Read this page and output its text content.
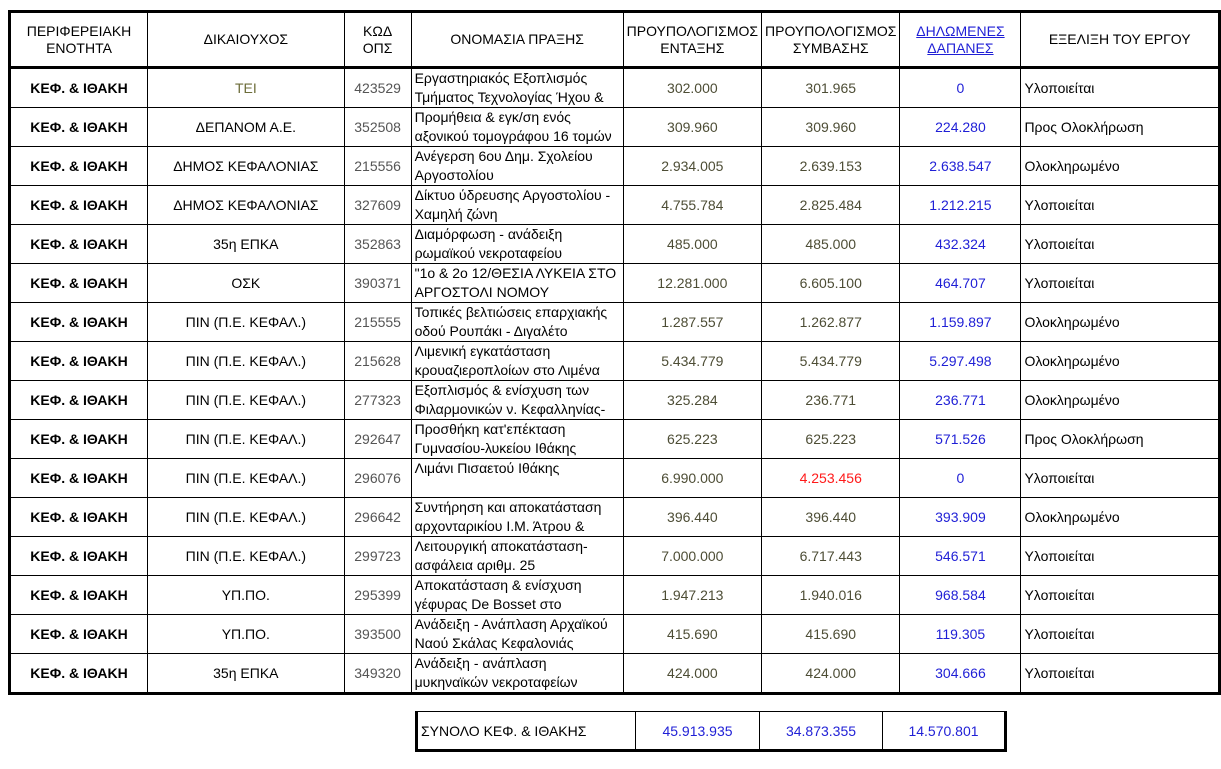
ΠΕΡΙΦΕΡΕΙΑΚΗ ΕΝΟΤΗΤΑ	ΔΙΚΑΙΟΥΧΟΣ	ΚΩΔ ΟΠΣ	ΟΝΟΜΑΣΙΑ ΠΡΑΞΗΣ	ΠΡΟΥΠΟΛΟΓΙΣΜΟΣ ΕΝΤΑΞΗΣ	ΠΡΟΥΠΟΛΟΓΙΣΜΟΣ ΣΥΜΒΑΣΗΣ	ΔΗΛΩΜΕΝΕΣ ΔΑΠΑΝΕΣ	ΕΞΕΛΙΞΗ ΤΟΥ ΕΡΓΟΥ
ΚΕΦ. & ΙΘΑΚΗ	ΤΕΙ	423529	Εργαστηριακός Εξοπλισμός Τμήματος Τεχνολογίας Ήχου &	302.000	301.965	0	Υλοποιείται
ΚΕΦ. & ΙΘΑΚΗ	ΔΕΠΑΝΟΜ Α.Ε.	352508	Προμήθεια & εγκ/ση ενός αξονικού τομογράφου 16 τομών	309.960	309.960	224.280	Προς Ολοκλήρωση
ΚΕΦ. & ΙΘΑΚΗ	ΔΗΜΟΣ ΚΕΦΑΛΟΝΙΑΣ	215556	Ανέγερση 6ου Δημ. Σχολείου Αργοστολίου	2.934.005	2.639.153	2.638.547	Ολοκληρωμένο
ΚΕΦ. & ΙΘΑΚΗ	ΔΗΜΟΣ ΚΕΦΑΛΟΝΙΑΣ	327609	Δίκτυο ύδρευσης Αργοστολίου - Χαμηλή ζώνη	4.755.784	2.825.484	1.212.215	Υλοποιείται
ΚΕΦ. & ΙΘΑΚΗ	35η ΕΠΚΑ	352863	Διαμόρφωση - ανάδειξη ρωμαϊκού νεκροταφείου	485.000	485.000	432.324	Υλοποιείται
ΚΕΦ. & ΙΘΑΚΗ	ΟΣΚ	390371	"1ο & 2ο 12/ΘΕΣΙΑ ΛΥΚΕΙΑ ΣΤΟ ΑΡΓΟΣΤΟΛΙ ΝΟΜΟΥ	12.281.000	6.605.100	464.707	Υλοποιείται
ΚΕΦ. & ΙΘΑΚΗ	ΠΙΝ (Π.Ε. ΚΕΦΑΛ.)	215555	Τοπικές βελτιώσεις επαρχιακής οδού Ρουπάκι - Διγαλέτο	1.287.557	1.262.877	1.159.897	Ολοκληρωμένο
ΚΕΦ. & ΙΘΑΚΗ	ΠΙΝ (Π.Ε. ΚΕΦΑΛ.)	215628	Λιμενική εγκατάσταση κρουαζιεροπλοίων στο Λιμένα	5.434.779	5.434.779	5.297.498	Ολοκληρωμένο
ΚΕΦ. & ΙΘΑΚΗ	ΠΙΝ (Π.Ε. ΚΕΦΑΛ.)	277323	Εξοπλισμός & ενίσχυση των Φιλαρμονικών ν. Κεφαλληνίας-	325.284	236.771	236.771	Ολοκληρωμένο
ΚΕΦ. & ΙΘΑΚΗ	ΠΙΝ (Π.Ε. ΚΕΦΑΛ.)	292647	Προσθήκη κατ'επέκταση Γυμνασίου-λυκείου Ιθάκης	625.223	625.223	571.526	Προς Ολοκλήρωση
ΚΕΦ. & ΙΘΑΚΗ	ΠΙΝ (Π.Ε. ΚΕΦΑΛ.)	296076	Λιμάνι Πισαετού Ιθάκης	6.990.000	4.253.456	0	Υλοποιείται
ΚΕΦ. & ΙΘΑΚΗ	ΠΙΝ (Π.Ε. ΚΕΦΑΛ.)	296642	Συντήρηση και αποκατάσταση αρχονταρικίου Ι.Μ. Άτρου &	396.440	396.440	393.909	Ολοκληρωμένο
ΚΕΦ. & ΙΘΑΚΗ	ΠΙΝ (Π.Ε. ΚΕΦΑΛ.)	299723	Λειτουργική αποκατάσταση-ασφάλεια αριθμ. 25	7.000.000	6.717.443	546.571	Υλοποιείται
ΚΕΦ. & ΙΘΑΚΗ	ΥΠ.ΠΟ.	295399	Αποκατάσταση & ενίσχυση γέφυρας De Bosset στο	1.947.213	1.940.016	968.584	Υλοποιείται
ΚΕΦ. & ΙΘΑΚΗ	ΥΠ.ΠΟ.	393500	Ανάδειξη - Ανάπλαση Αρχαϊκού Ναού Σκάλας Κεφαλονιάς	415.690	415.690	119.305	Υλοποιείται
ΚΕΦ. & ΙΘΑΚΗ	35η ΕΠΚΑ	349320	Ανάδειξη - ανάπλαση μυκηναϊκών νεκροταφείων	424.000	424.000	304.666	Υλοποιείται
ΣΥΝΟΛΟ ΚΕΦ. & ΙΘΑΚΗΣ	45.913.935	34.873.355	14.570.801
